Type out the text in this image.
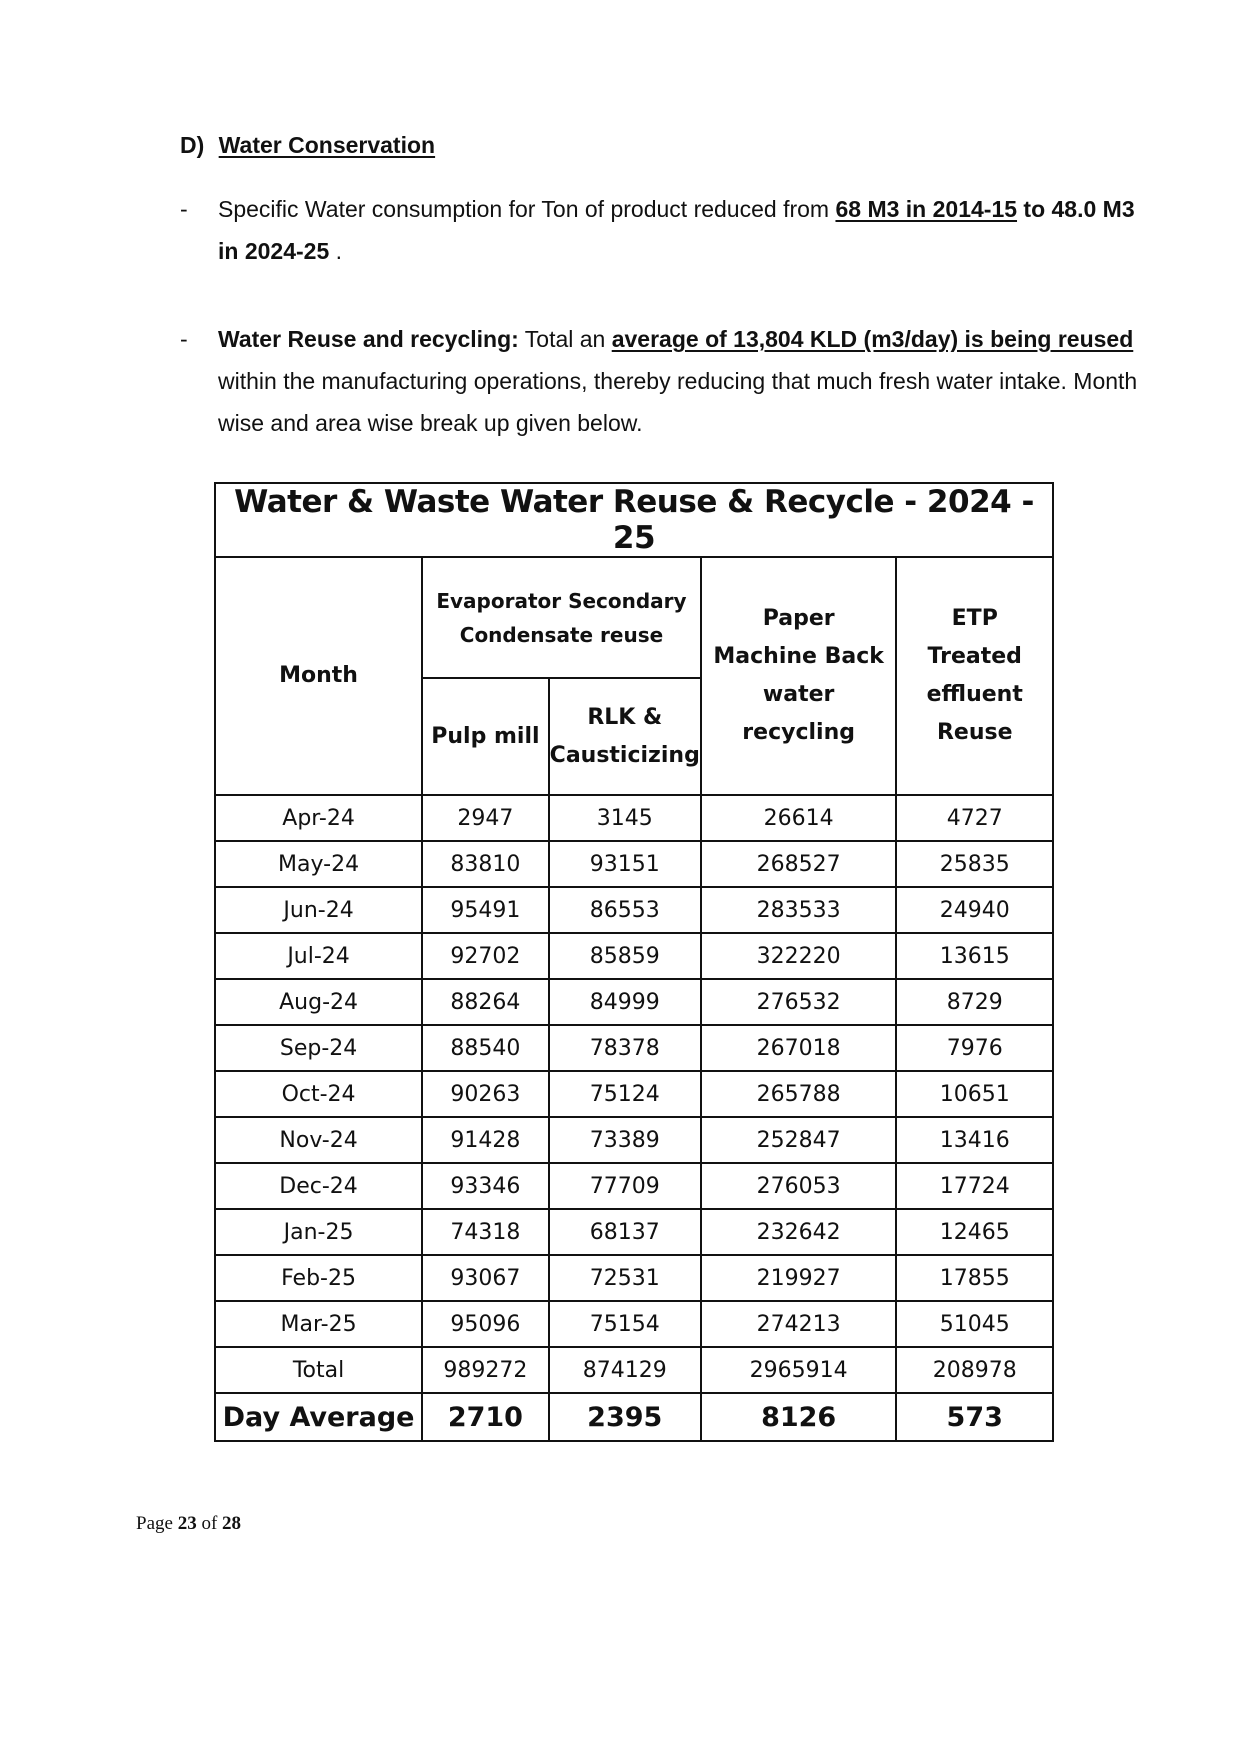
D) Water Conservation
- Specific Water consumption for Ton of product reduced from 68 M3 in 2014-15 to 48.0 M3 in 2024-25 .
- Water Reuse and recycling: Total an average of 13,804 KLD (m3/day) is being reused within the manufacturing operations, thereby reducing that much fresh water intake. Month wise and area wise break up given below.
Water & Waste Water Reuse & Recycle - 2024 - 25				
Month	Evaporator Secondary Condensate reuse		Paper Machine Back water recycling	ETP Treated effluent Reuse
	Pulp mill	RLK & Causticizing		
Apr-24	2947	3145	26614	4727
May-24	83810	93151	268527	25835
Jun-24	95491	86553	283533	24940
Jul-24	92702	85859	322220	13615
Aug-24	88264	84999	276532	8729
Sep-24	88540	78378	267018	7976
Oct-24	90263	75124	265788	10651
Nov-24	91428	73389	252847	13416
Dec-24	93346	77709	276053	17724
Jan-25	74318	68137	232642	12465
Feb-25	93067	72531	219927	17855
Mar-25	95096	75154	274213	51045
Total	989272	874129	2965914	208978
Day Average	2710	2395	8126	573
Page 23 of 28
